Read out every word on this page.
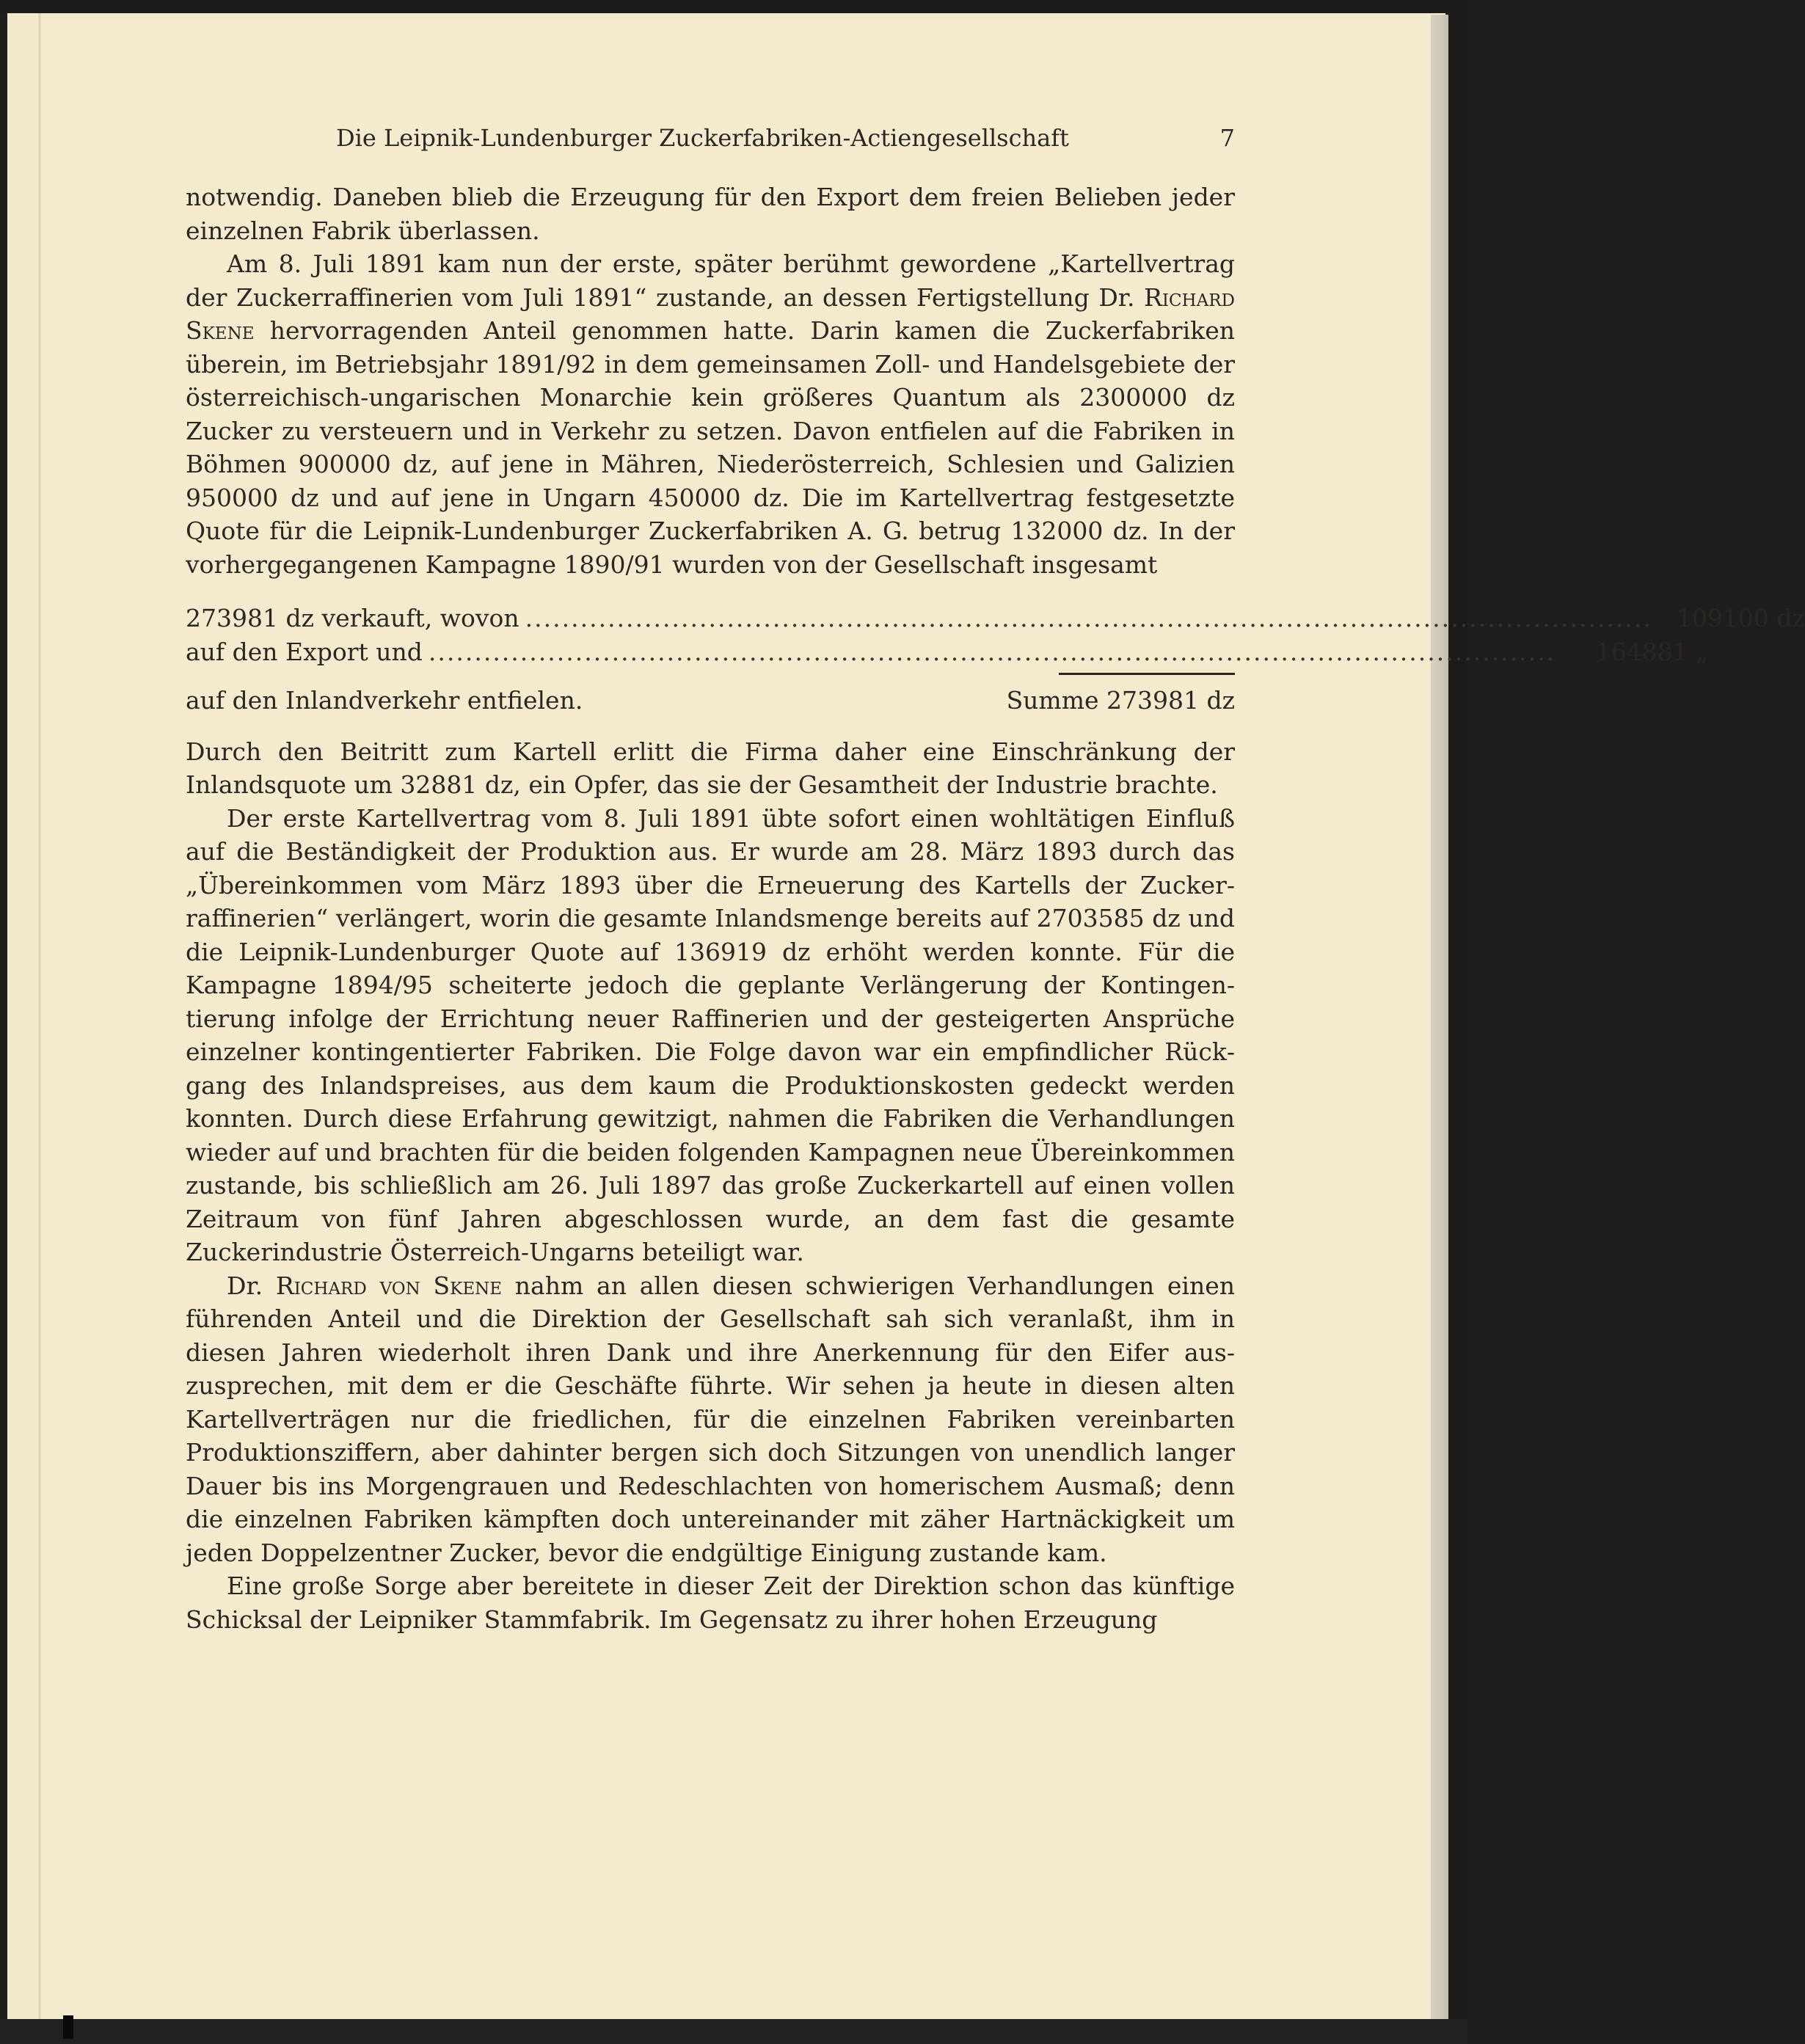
Die Leipnik-Lundenburger Zuckerfabriken-Actiengesellschaft	7

notwendig. Daneben blieb die Erzeugung für den Export dem freien Belieben jeder einzelnen Fabrik überlassen.

Am 8. Juli 1891 kam nun der erste, später berühmt gewordene „Kartellvertrag der Zuckerraffinerien vom Juli 1891“ zustande, an dessen Fertigstellung Dr. Richard Skene hervorragenden Anteil genommen hatte. Darin kamen die Zuckerfabriken überein, im Betriebsjahr 1891/92 in dem gemeinsamen Zoll- und Handelsgebiete der österreichisch-ungarischen Monarchie kein größeres Quantum als 2300000 dz Zucker zu versteuern und in Verkehr zu setzen. Davon entfielen auf die Fabriken in Böhmen 900000 dz, auf jene in Mähren, Niederösterreich, Schlesien und Galizien 950000 dz und auf jene in Ungarn 450000 dz. Die im Kartellvertrag festgesetzte Quote für die Leipnik-Lundenburger Zuckerfabriken A. G. betrug 132000 dz. In der vorhergegangenen Kampagne 1890/91 wurden von der Gesellschaft insgesamt

273981 dz verkauft, wovon ...........................................................................................................................	109100 dz
auf den Export und ...........................................................................................................................	164881 „
auf den Inlandverkehr entfielen.	Summe 273981 dz

Durch den Beitritt zum Kartell erlitt die Firma daher eine Einschränkung der Inlandsquote um 32881 dz, ein Opfer, das sie der Gesamtheit der Industrie brachte.

Der erste Kartellvertrag vom 8. Juli 1891 übte sofort einen wohltätigen Einfluß auf die Beständigkeit der Produktion aus. Er wurde am 28. März 1893 durch das „Übereinkommen vom März 1893 über die Erneuerung des Kartells der Zuckerraffinerien“ verlängert, worin die gesamte Inlandsmenge bereits auf 2703585 dz und die Leipnik-Lundenburger Quote auf 136919 dz erhöht werden konnte. Für die Kampagne 1894/95 scheiterte jedoch die geplante Verlängerung der Kontingentierung infolge der Errichtung neuer Raffinerien und der gesteigerten Ansprüche einzelner kontingentierter Fabriken. Die Folge davon war ein empfindlicher Rückgang des Inlandspreises, aus dem kaum die Produktionskosten gedeckt werden konnten. Durch diese Erfahrung gewitzigt, nahmen die Fabriken die Verhandlungen wieder auf und brachten für die beiden folgenden Kampagnen neue Übereinkommen zustande, bis schließlich am 26. Juli 1897 das große Zuckerkartell auf einen vollen Zeitraum von fünf Jahren abgeschlossen wurde, an dem fast die gesamte Zuckerindustrie Österreich-Ungarns beteiligt war.

Dr. Richard von Skene nahm an allen diesen schwierigen Verhandlungen einen führenden Anteil und die Direktion der Gesellschaft sah sich veranlaßt, ihm in diesen Jahren wiederholt ihren Dank und ihre Anerkennung für den Eifer auszusprechen, mit dem er die Geschäfte führte. Wir sehen ja heute in diesen alten Kartellverträgen nur die friedlichen, für die einzelnen Fabriken vereinbarten Produktionsziffern, aber dahinter bergen sich doch Sitzungen von unendlich langer Dauer bis ins Morgengrauen und Redeschlachten von homerischem Ausmaß; denn die einzelnen Fabriken kämpften doch untereinander mit zäher Hartnäckigkeit um jeden Doppelzentner Zucker, bevor die endgültige Einigung zustande kam.

Eine große Sorge aber bereitete in dieser Zeit der Direktion schon das künftige Schicksal der Leipniker Stammfabrik. Im Gegensatz zu ihrer hohen Erzeugung
